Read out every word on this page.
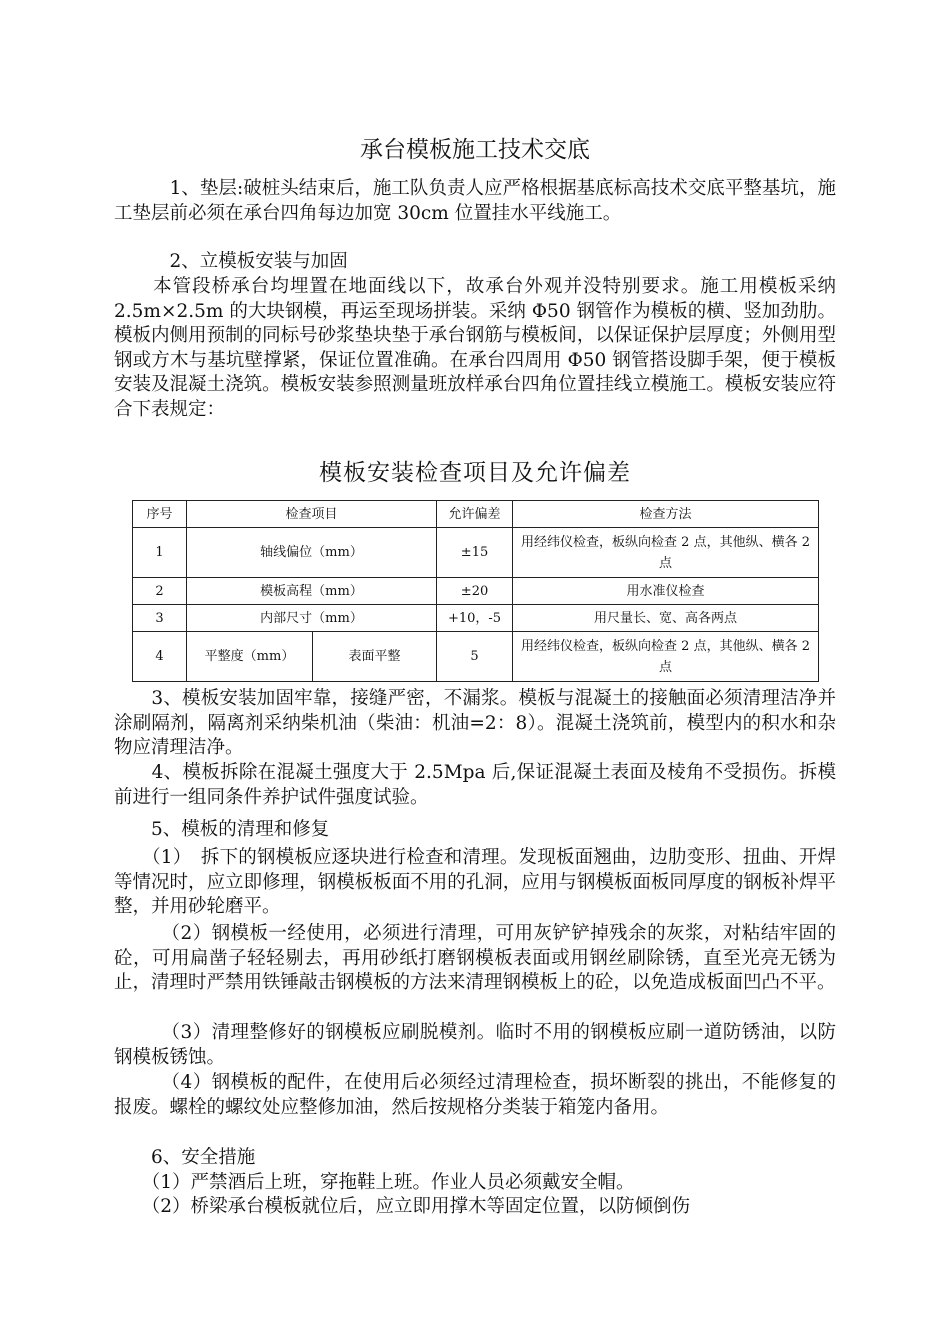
承台模板施工技术交底

　　　1、垫层:破桩头结束后，施工队负责人应严格根据基底标高技术交底平整基坑，施工垫层前必须在承台四角每边加宽 30cm 位置挂水平线施工。

　　　2、立模板安装与加固

　　本管段桥承台均埋置在地面线以下，故承台外观并没特别要求。施工用模板采纳 2.5m×2.5m 的大块钢模，再运至现场拼装。采纳 Φ50 钢管作为模板的横、竖加劲肋。模板内侧用预制的同标号砂浆垫块垫于承台钢筋与模板间，以保证保护层厚度；外侧用型钢或方木与基坑壁撑紧，保证位置准确。在承台四周用 Φ50 钢管搭设脚手架，便于模板安装及混凝土浇筑。模板安装参照测量班放样承台四角位置挂线立模施工。模板安装应符合下表规定：

模板安装检查项目及允许偏差
序号	检查项目		允许偏差	检查方法
1	轴线偏位（mm）		±15	用经纬仪检查，板纵向检查 2 点，其他纵、横各 2 点
2	模板高程（mm）		±20	用水准仪检查
3	内部尺寸（mm）		+10，-5	用尺量长、宽、高各两点
4	平整度（mm）	表面平整	5	用经纬仪检查，板纵向检查 2 点，其他纵、横各 2 点

　　3、模板安装加固牢靠，接缝严密，不漏浆。模板与混凝土的接触面必须清理洁净并涂刷隔剂，隔离剂采纳柴机油（柴油：机油=2：8）。混凝土浇筑前，模型内的积水和杂物应清理洁净。

　　4、模板拆除在混凝土强度大于 2.5Mpa 后,保证混凝土表面及棱角不受损伤。拆模前进行一组同条件养护试件强度试验。

　　5、模板的清理和修复

　　（1）　拆下的钢模板应逐块进行检查和清理。发现板面翘曲，边肋变形、扭曲、开焊等情况时，应立即修理，钢模板板面不用的孔洞，应用与钢模板面板同厚度的钢板补焊平整，并用砂轮磨平。

　　　（2）钢模板一经使用，必须进行清理，可用灰铲铲掉残余的灰浆，对粘结牢固的砼，可用扁凿子轻轻剔去，再用砂纸打磨钢模板表面或用钢丝刷除锈，直至光亮无锈为止，清理时严禁用铁锤敲击钢模板的方法来清理钢模板上的砼，以免造成板面凹凸不平。

　　　（3）清理整修好的钢模板应刷脱模剂。临时不用的钢模板应刷一道防锈油，以防钢模板锈蚀。

　　　（4）钢模板的配件，在使用后必须经过清理检查，损坏断裂的挑出，不能修复的报废。螺栓的螺纹处应整修加油，然后按规格分类装于箱笼内备用。

　　6、安全措施

　　（1）严禁酒后上班，穿拖鞋上班。作业人员必须戴安全帽。

　　（2）桥梁承台模板就位后，应立即用撑木等固定位置，以防倾倒伤
